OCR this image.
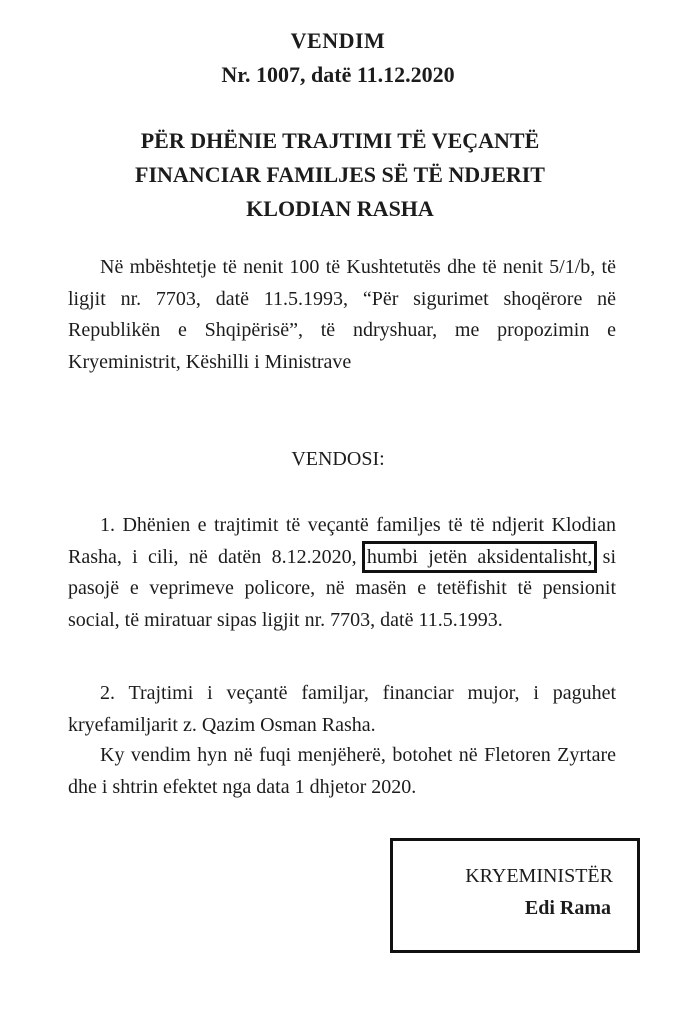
VENDIM
Nr. 1007, datë 11.12.2020
PËR DHËNIE TRAJTIMI TË VEÇANTË FINANCIAR FAMILJES SË TË NDJERIT KLODIAN RASHA

Në mbështetje të nenit 100 të Kushtetutës dhe të nenit 5/1/b, të ligjit nr. 7703, datë 11.5.1993, “Për sigurimet shoqërore në Republikën e Shqipërisë”, të ndryshuar, me propozimin e Kryeministrit, Këshilli i Ministrave

VENDOSI:

1. Dhënien e trajtimit të veçantë familjes të të ndjerit Klodian Rasha, i cili, në datën 8.12.2020, humbi jetën aksidentalisht, si pasojë e veprimeve policore, në masën e tetëfishit të pensionit social, të miratuar sipas ligjit nr. 7703, datë 11.5.1993.

2. Trajtimi i veçantë familjar, financiar mujor, i paguhet kryefamiljarit z. Qazim Osman Rasha.

Ky vendim hyn në fuqi menjëherë, botohet në Fletoren Zyrtare dhe i shtrin efektet nga data 1 dhjetor 2020.

KRYEMINISTËR
Edi Rama
